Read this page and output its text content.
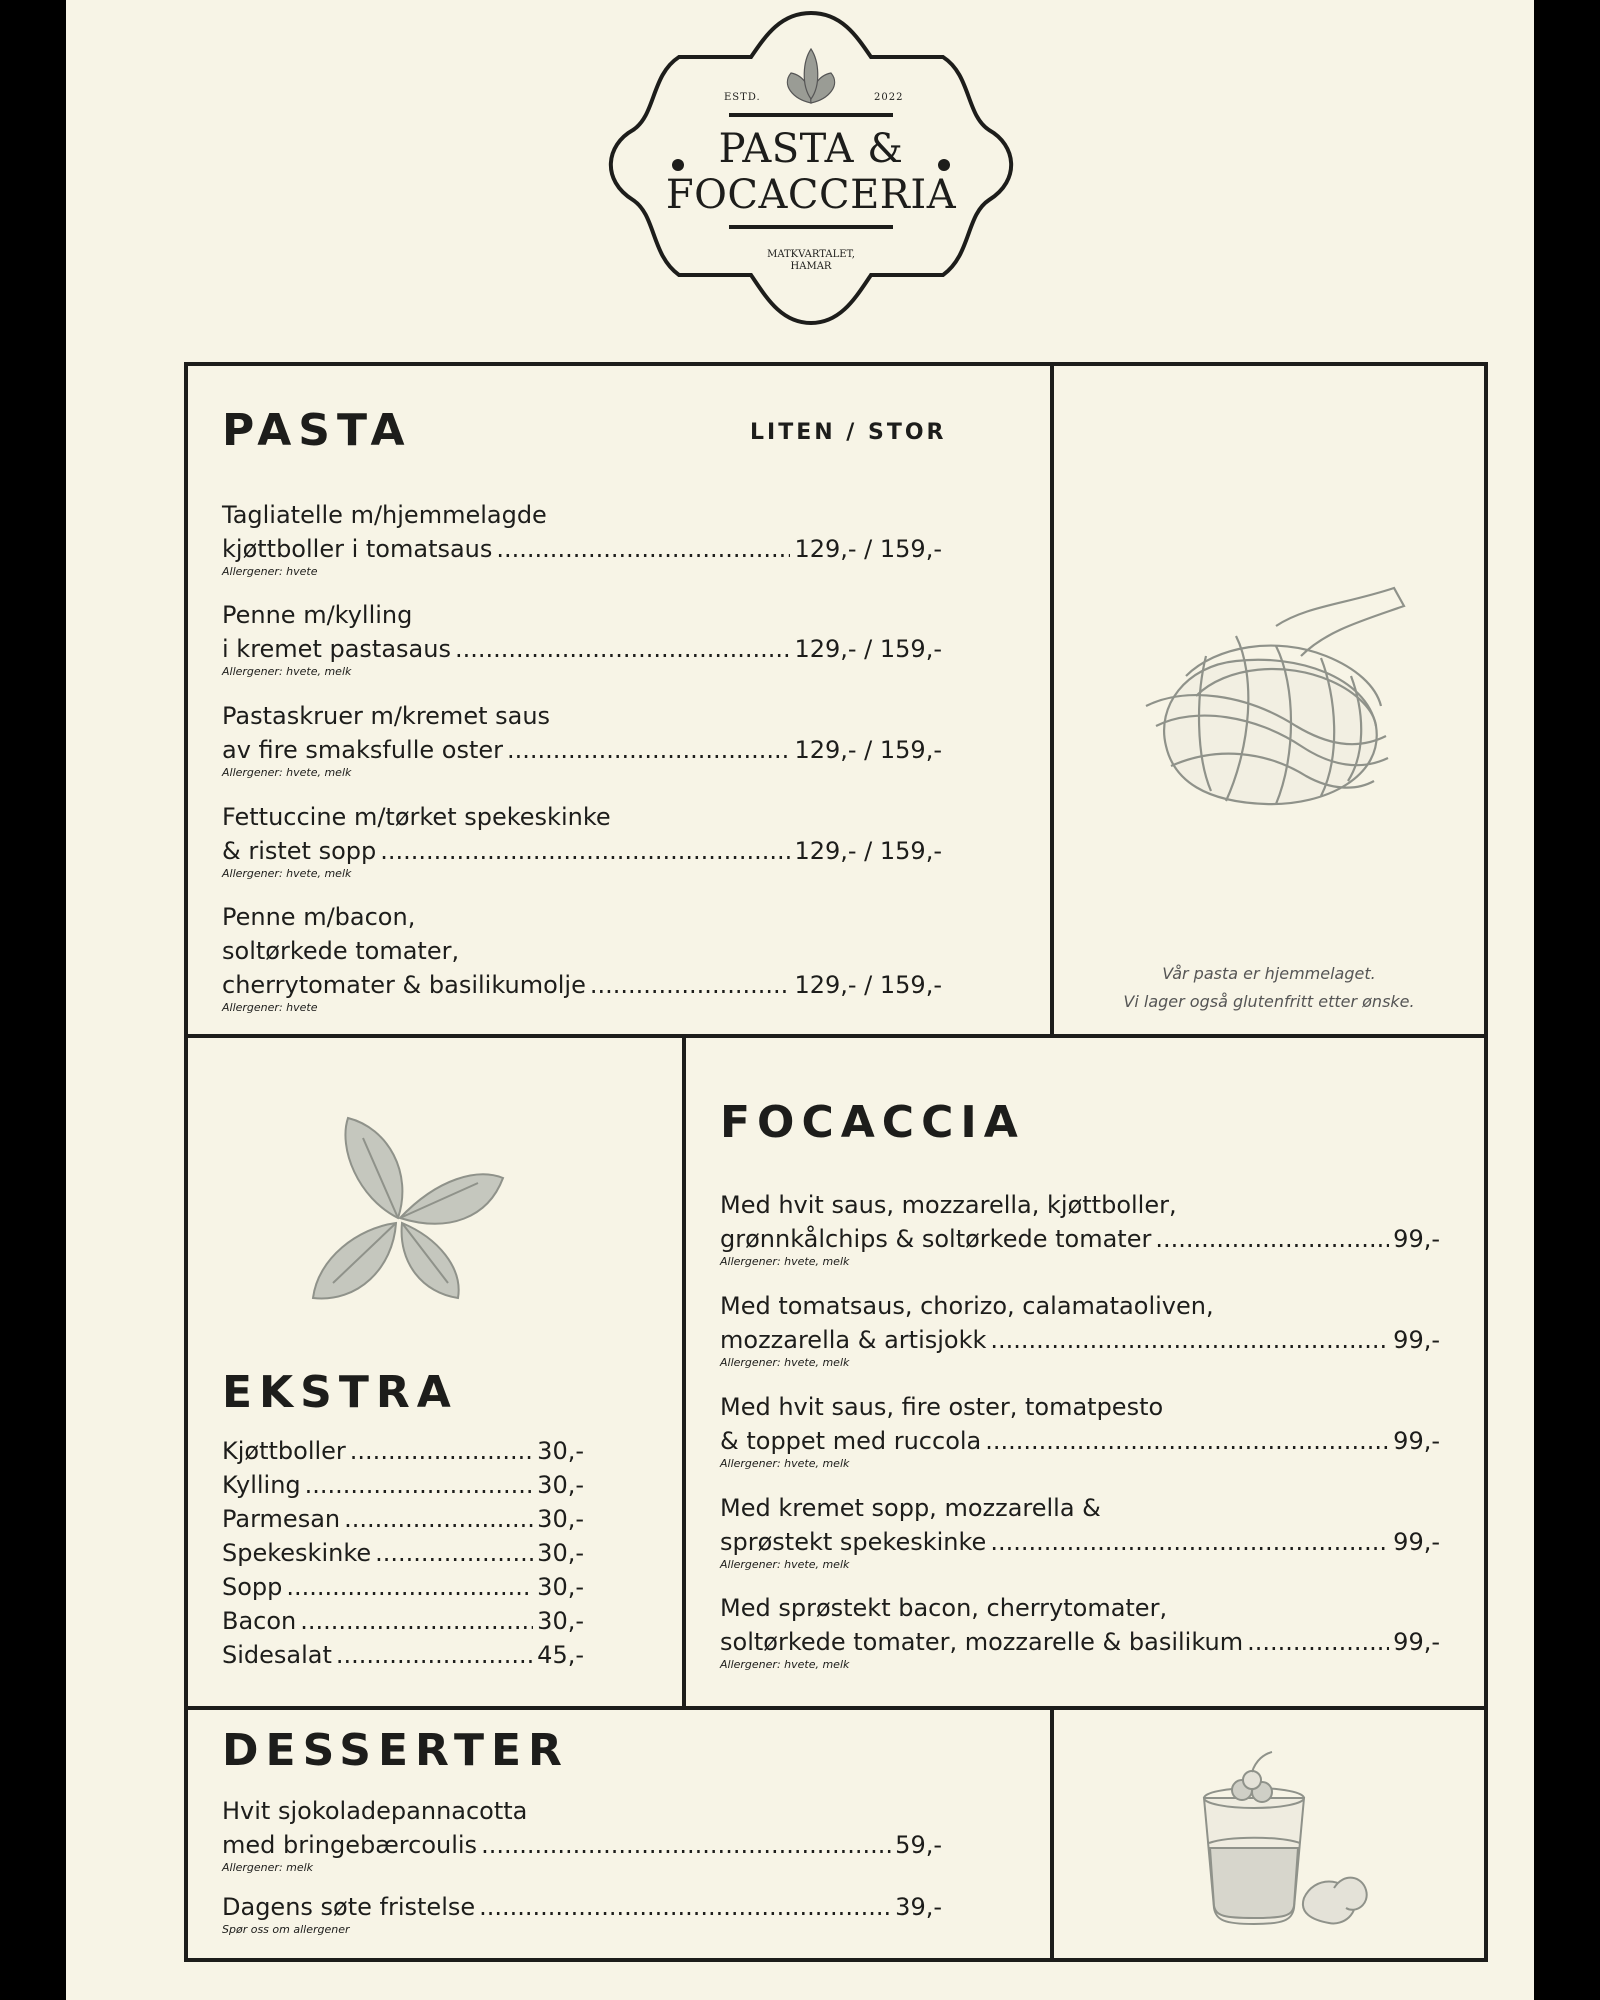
ESTD.	2022
PASTA &
FOCACCERIA
MATKVARTALET,
HAMAR
PASTA	LITEN / STOR
Tagliatelle m/hjemmelagde
kjøttboller i tomatsaus .....	129,- / 159,-
Allergener: hvete
Penne m/kylling
i kremet pastasaus .....	129,- / 159,-
Allergener: hvete, melk
Pastaskruer m/kremet saus
av fire smaksfulle oster .....	129,- / 159,-
Allergener: hvete, melk
Fettuccine m/tørket spekeskinke
& ristet sopp .....	129,- / 159,-
Allergener: hvete, melk
Penne m/bacon,
soltørkede tomater,
cherrytomater & basilikumolje .....	129,- / 159,-
Allergener: hvete
Vår pasta er hjemmelaget.
Vi lager også glutenfritt etter ønske.
EKSTRA
Kjøttboller .....	30,-
Kylling .....	30,-
Parmesan .....	30,-
Spekeskinke .....	30,-
Sopp .....	30,-
Bacon .....	30,-
Sidesalat .....	45,-
FOCACCIA
Med hvit saus, mozzarella, kjøttboller,
grønnkålchips & soltørkede tomater .....	99,-
Allergener: hvete, melk
Med tomatsaus, chorizo, calamataoliven,
mozzarella & artisjokk .....	99,-
Allergener: hvete, melk
Med hvit saus, fire oster, tomatpesto
& toppet med ruccola .....	99,-
Allergener: hvete, melk
Med kremet sopp, mozzarella &
sprøstekt spekeskinke .....	99,-
Allergener: hvete, melk
Med sprøstekt bacon, cherrytomater,
soltørkede tomater, mozzarelle & basilikum .....	99,-
Allergener: hvete, melk
DESSERTER
Hvit sjokoladepannacotta
med bringebærcoulis .....	59,-
Allergener: melk
Dagens søte fristelse .....	39,-
Spør oss om allergener
